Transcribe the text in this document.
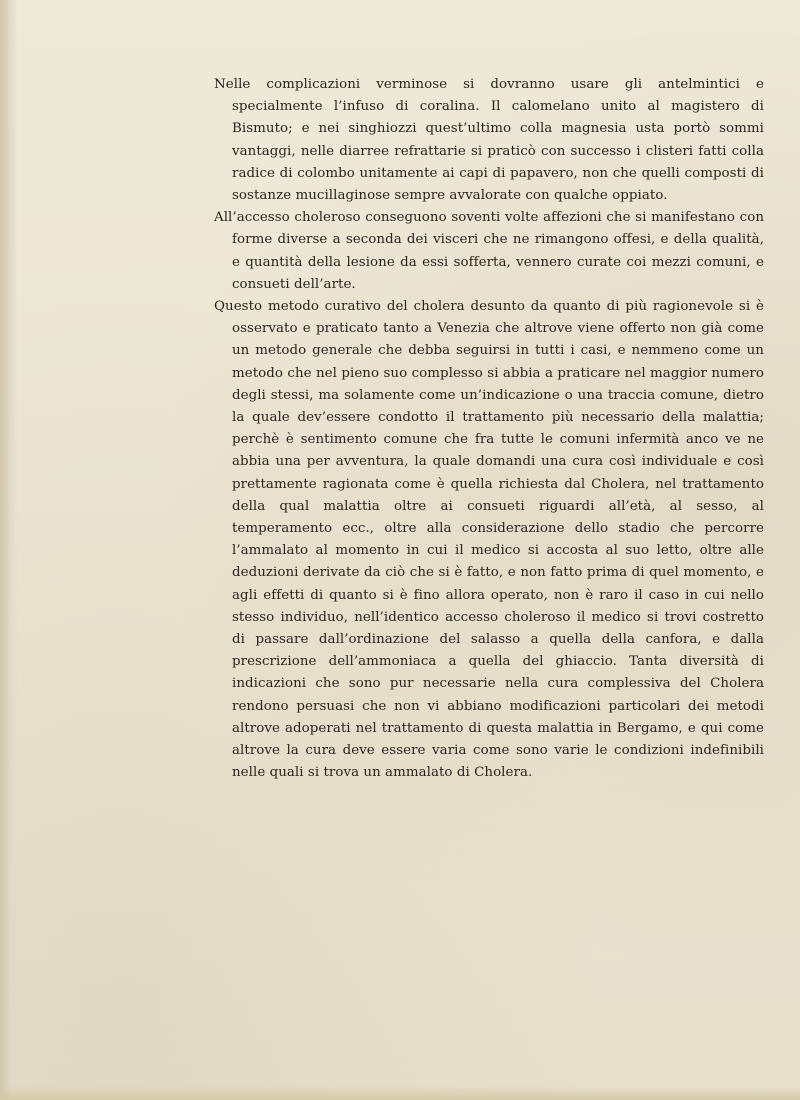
Nelle complicazioni verminose si dovranno usare gli antelmintici e specialmente l’infuso di coralina. Il calomelano unito al magistero di Bismuto; e nei singhiozzi quest’ultimo colla magnesia usta portò sommi vantaggi, nelle diarree refrattarie si praticò con successo i clisteri fatti colla radice di colombo unitamente ai capi di papavero, non che quelli composti di sostanze mucillaginose sempre avvalorate con qualche oppiato.

All’accesso choleroso conseguono soventi volte affezioni che si manifestano con forme diverse a seconda dei visceri che ne rimangono offesi, e della qualità, e quantità della lesione da essi sofferta, vennero curate coi mezzi comuni, e consueti dell’arte.

Questo metodo curativo del cholera desunto da quanto di più ragionevole si è osservato e praticato tanto a Venezia che altrove viene offerto non già come un metodo generale che debba seguirsi in tutti i casi, e nemmeno come un metodo che nel pieno suo complesso si abbia a praticare nel maggior numero degli stessi, ma solamente come un’indicazione o una traccia comune, dietro la quale dev’essere condotto il trattamento più necessario della malattia; perchè è sentimento comune che fra tutte le comuni infermità anco ve ne abbia una per avventura, la quale domandi una cura così individuale e così prettamente ragionata come è quella richiesta dal Cholera, nel trattamento della qual malattia oltre ai consueti riguardi all’età, al sesso, al temperamento ecc., oltre alla considerazione dello stadio che percorre l’ammalato al momento in cui il medico si accosta al suo letto, oltre alle deduzioni derivate da ciò che si è fatto, e non fatto prima di quel momento, e agli effetti di quanto si è fino allora operato, non è raro il caso in cui nello stesso individuo, nell’identico accesso choleroso il medico si trovi costretto di passare dall’ordinazione del salasso a quella della canfora, e dalla prescrizione dell’ammoniaca a quella del ghiaccio. Tanta diversità di indicazioni che sono pur necessarie nella cura complessiva del Cholera rendono persuasi che non vi abbiano modificazioni particolari dei metodi altrove adoperati nel trattamento di questa malattia in Bergamo, e qui come altrove la cura deve essere varia come sono varie le condizioni indefinibili nelle quali si trova un ammalato di Cholera.
